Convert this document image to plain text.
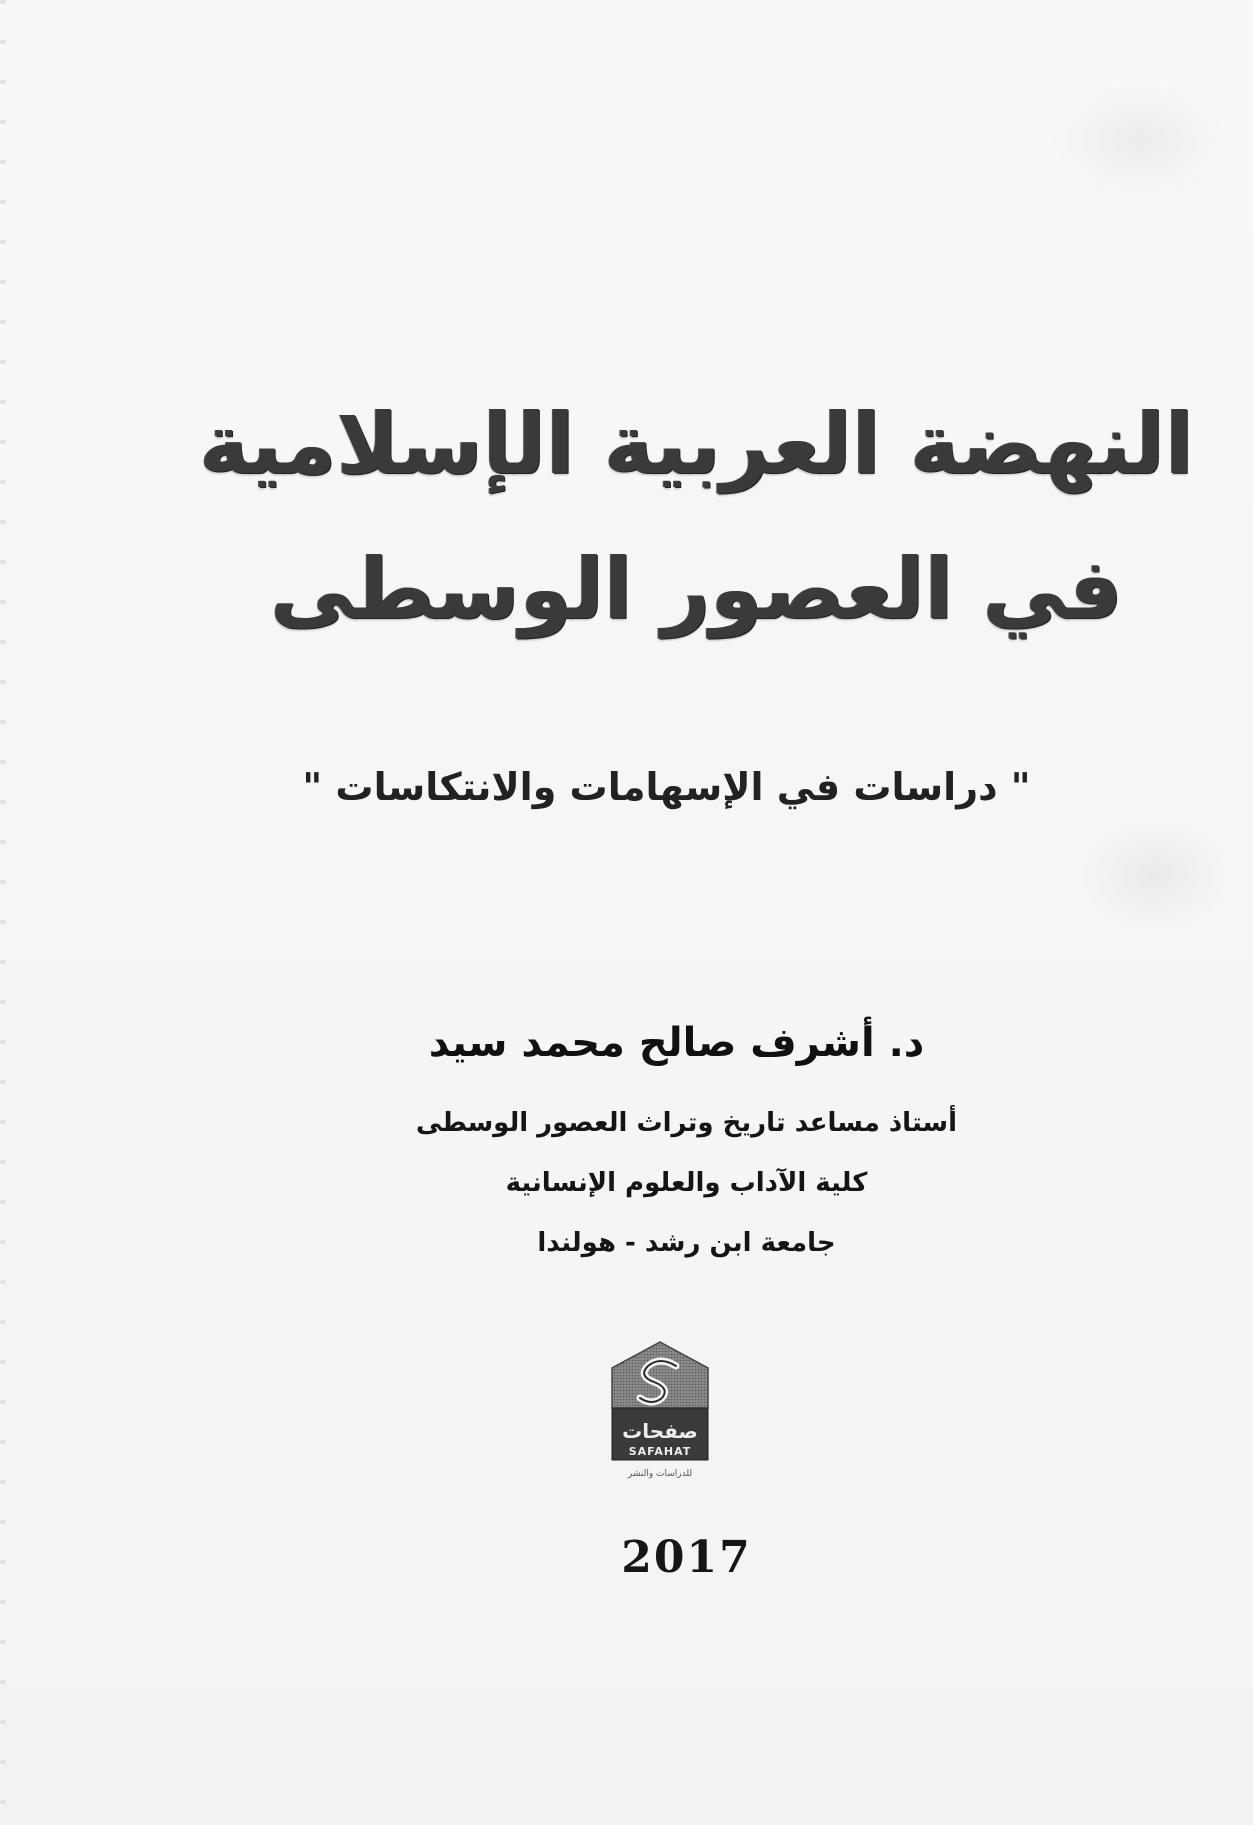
النهضة العربية الإسلامية
في العصور الوسطى
" دراسات في الإسهامات والانتكاسات "
د. أشرف صالح محمد سيد
أستاذ مساعد تاريخ وتراث العصور الوسطى
كلية الآداب والعلوم الإنسانية
جامعة ابن رشد - هولندا
صفحات
SAFAHAT
للدراسات والنشر
2017
